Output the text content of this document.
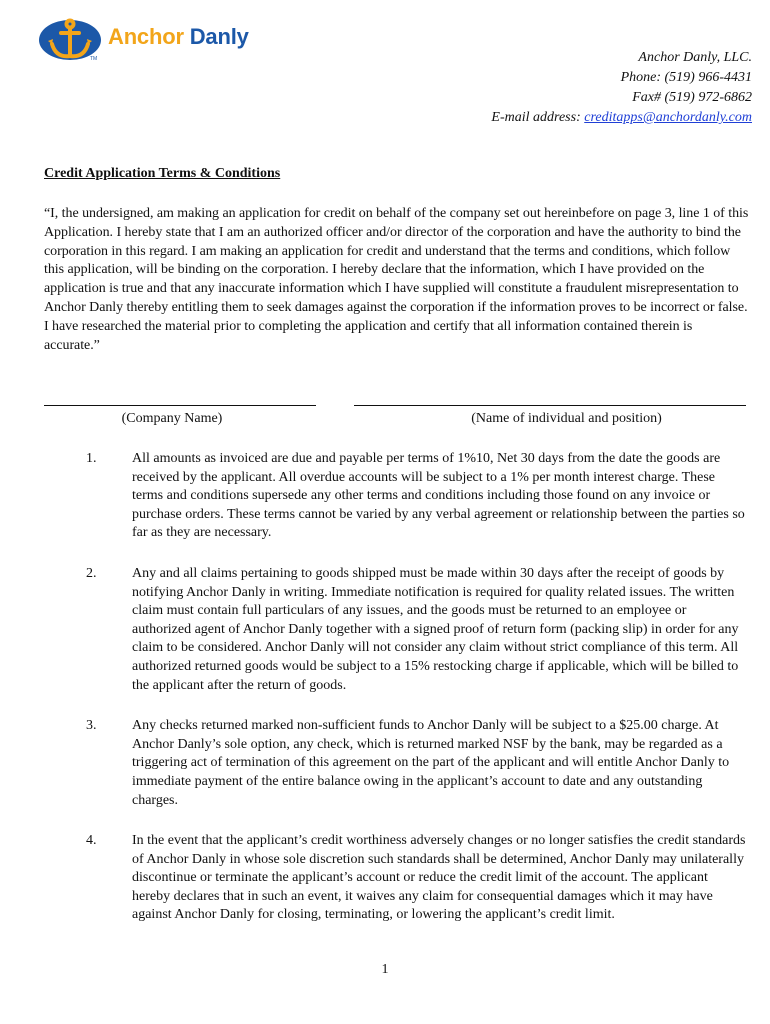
Anchor Danly

TM	Anchor Danly, LLC.
Phone: (519) 966-4431
Fax# (519) 972-6862
E-mail address: creditapps@anchordanly.com
Credit Application Terms & Conditions

“I, the undersigned, am making an application for credit on behalf of the company set out hereinbefore on page 3, line 1 of this Application. I hereby state that I am an authorized officer and/or director of the corporation and have the authority to bind the corporation in this regard. I am making an application for credit and understand that the terms and conditions, which follow this application, will be binding on the corporation. I hereby declare that the information, which I have provided on the application is true and that any inaccurate information which I have supplied will constitute a fraudulent misrepresentation to Anchor Danly thereby entitling them to seek damages against the corporation if the information proves to be incorrect or false. I have researched the material prior to completing the application and certify that all information contained therein is accurate.”

(Company Name)	(Name of individual and position)

1.	All amounts as invoiced are due and payable per terms of 1%10, Net 30 days from the date the goods are received by the applicant. All overdue accounts will be subject to a 1% per month interest charge. These terms and conditions supersede any other terms and conditions including those found on any invoice or purchase orders. These terms cannot be varied by any verbal agreement or relationship between the parties so far as they are necessary.
2.	Any and all claims pertaining to goods shipped must be made within 30 days after the receipt of goods by notifying Anchor Danly in writing. Immediate notification is required for quality related issues. The written claim must contain full particulars of any issues, and the goods must be returned to an employee or authorized agent of Anchor Danly together with a signed proof of return form (packing slip) in order for any claim to be considered. Anchor Danly will not consider any claim without strict compliance of this term. All authorized returned goods would be subject to a 15% restocking charge if applicable, which will be billed to the applicant after the return of goods.
3.	Any checks returned marked non-sufficient funds to Anchor Danly will be subject to a $25.00 charge. At Anchor Danly’s sole option, any check, which is returned marked NSF by the bank, may be regarded as a triggering act of termination of this agreement on the part of the applicant and will entitle Anchor Danly to immediate payment of the entire balance owing in the applicant’s account to date and any outstanding charges.
4.	In the event that the applicant’s credit worthiness adversely changes or no longer satisfies the credit standards of Anchor Danly in whose sole discretion such standards shall be determined, Anchor Danly may unilaterally discontinue or terminate the applicant’s account or reduce the credit limit of the account. The applicant hereby declares that in such an event, it waives any claim for consequential damages which it may have against Anchor Danly for closing, terminating, or lowering the applicant’s credit limit.
1
